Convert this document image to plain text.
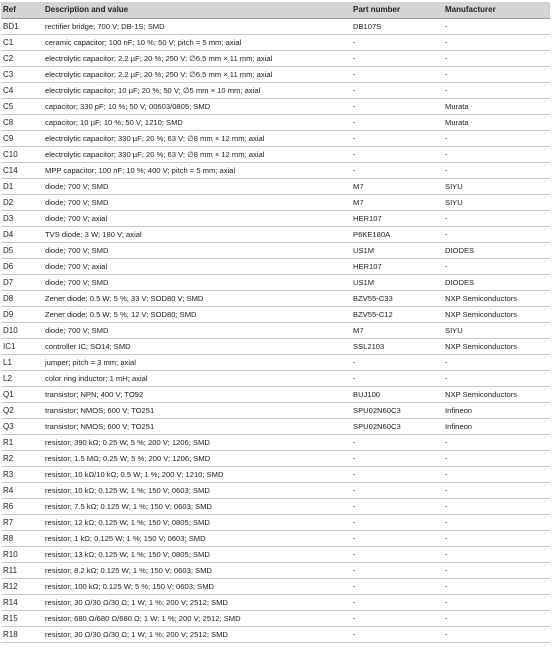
Ref	Description and value	Part number	Manufacturer
BD1	rectifier bridge; 700 V; DB-1S; SMD	DB107S	-
C1	ceramic capacitor; 100 nF; 10 %; 50 V; pitch = 5 mm; axial	-	-
C2	electrolytic capacitor; 2.2 µF; 20 %; 250 V; ∅6.5 mm × 11 mm; axial	-	-
C3	electrolytic capacitor; 2.2 µF; 20 %; 250 V; ∅6.5 mm × 11 mm; axial	-	-
C4	electrolytic capacitor; 10 µF; 20 %; 50 V; ∅5 mm × 10 mm; axial	-	-
C5	capacitor; 330 pF; 10 %; 50 V; 00603/0805; SMD	-	Murata
C8	capacitor; 10 µF; 10 %; 50 V; 1210; SMD	-	Murata
C9	electrolytic capacitor; 330 µF; 20 %; 63 V; ∅8 mm × 12 mm; axial	-	-
C10	electrolytic capacitor; 330 µF; 20 %; 63 V; ∅8 mm × 12 mm; axial	-	-
C14	MPP capacitor; 100 nF; 10 %; 400 V; pitch = 5 mm; axial	-	-
D1	diode; 700 V; SMD	M7	SIYU
D2	diode; 700 V; SMD	M7	SIYU
D3	diode; 700 V; axial	HER107	-
D4	TVS diode; 3 W; 180 V; axial	P6KE180A	-
D5	diode; 700 V; SMD	US1M	DIODES
D6	diode; 700 V; axial	HER107	-
D7	diode; 700 V; SMD	US1M	DIODES
D8	Zener diode; 0.5 W; 5 %; 33 V; SOD80 V; SMD	BZV55-C33	NXP Semiconductors
D9	Zener diode; 0.5 W; 5 %; 12 V; SOD80; SMD	BZV55-C12	NXP Semiconductors
D10	diode; 700 V; SMD	M7	SIYU
IC1	controller IC; SO14; SMD	SSL2103	NXP Semiconductors
L1	jumper; pitch = 3 mm; axial	-	-
L2	color ring inductor; 1 mH; axial	-	-
Q1	transistor; NPN; 400 V; TO92	BUJ100	NXP Semiconductors
Q2	transistor; NMOS; 600 V; TO251	SPU02N60C3	Infineon
Q3	transistor; NMOS; 600 V; TO251	SPU02N60C3	Infineon
R1	resistor; 390 kΩ; 0.25 W; 5 %; 200 V; 1206; SMD	-	-
R2	resistor; 1.5 MΩ; 0.25 W; 5 %; 200 V; 1206; SMD	-	-
R3	resistor; 10 kΩ/10 kΩ; 0.5 W; 1 %; 200 V; 1210; SMD	-	-
R4	resistor; 10 kΩ; 0.125 W; 1 %; 150 V; 0603; SMD	-	-
R6	resistor; 7.5 kΩ; 0.125 W; 1 %; 150 V; 0603; SMD	-	-
R7	resistor; 12 kΩ; 0.125 W; 1 %; 150 V; 0805; SMD	-	-
R8	resistor; 1 kΩ; 0.125 W; 1 %; 150 V; 0603; SMD	-	-
R10	resistor; 13 kΩ; 0.125 W; 1 %; 150 V; 0805; SMD	-	-
R11	resistor; 8.2 kΩ; 0.125 W; 1 %; 150 V; 0603; SMD	-	-
R12	resistor; 100 kΩ; 0.125 W; 5 %; 150 V; 0603; SMD	-	-
R14	resistor; 30 Ω/30 Ω/30 Ω; 1 W; 1 %; 200 V; 2512; SMD	-	-
R15	resistor; 680 Ω/680 Ω/680 Ω; 1 W; 1 %; 200 V; 2512; SMD	-	-
R18	resistor; 30 Ω/30 Ω/30 Ω; 1 W; 1 %; 200 V; 2512; SMD	-	-
